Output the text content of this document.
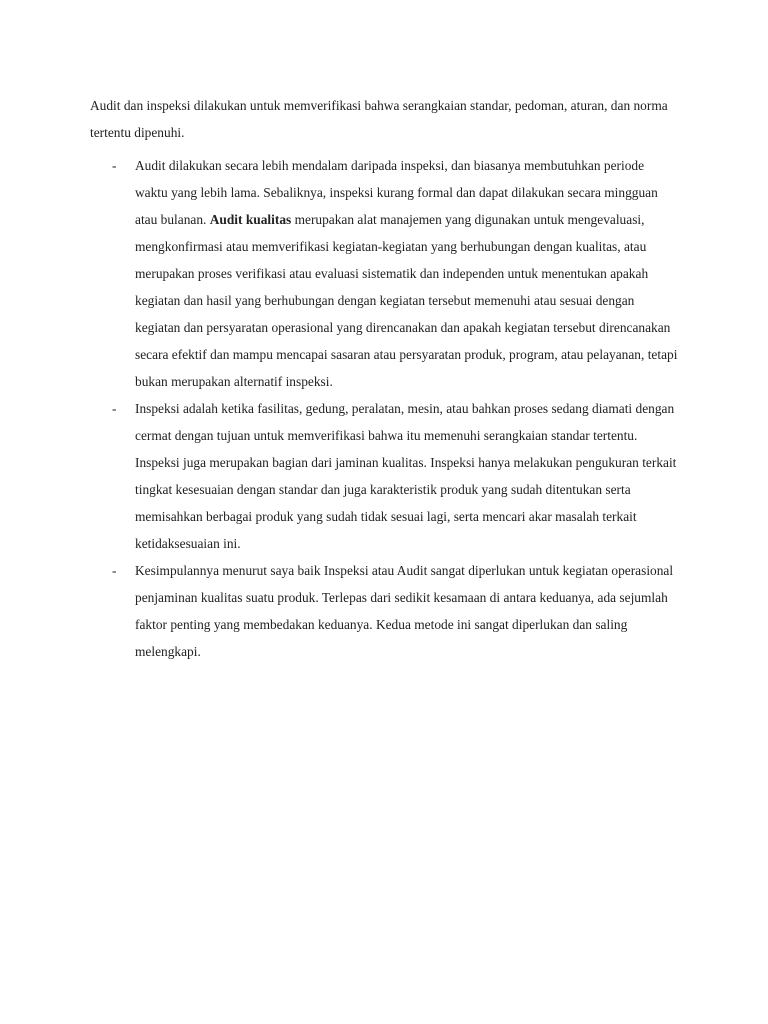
Audit dan inspeksi dilakukan untuk memverifikasi bahwa serangkaian standar, pedoman, aturan, dan norma tertentu dipenuhi.

- Audit dilakukan secara lebih mendalam daripada inspeksi, dan biasanya membutuhkan periode waktu yang lebih lama. Sebaliknya, inspeksi kurang formal dan dapat dilakukan secara mingguan atau bulanan. Audit kualitas merupakan alat manajemen yang digunakan untuk mengevaluasi, mengkonfirmasi atau memverifikasi kegiatan-kegiatan yang berhubungan dengan kualitas, atau merupakan proses verifikasi atau evaluasi sistematik dan independen untuk menentukan apakah kegiatan dan hasil yang berhubungan dengan kegiatan tersebut memenuhi atau sesuai dengan kegiatan dan persyaratan operasional yang direncanakan dan apakah kegiatan tersebut direncanakan secara efektif dan mampu mencapai sasaran atau persyaratan produk, program, atau pelayanan, tetapi bukan merupakan alternatif inspeksi.
- Inspeksi adalah ketika fasilitas, gedung, peralatan, mesin, atau bahkan proses sedang diamati dengan cermat dengan tujuan untuk memverifikasi bahwa itu memenuhi serangkaian standar tertentu. Inspeksi juga merupakan bagian dari jaminan kualitas. Inspeksi hanya melakukan pengukuran terkait tingkat kesesuaian dengan standar dan juga karakteristik produk yang sudah ditentukan serta memisahkan berbagai produk yang sudah tidak sesuai lagi, serta mencari akar masalah terkait ketidaksesuaian ini.
- Kesimpulannya menurut saya baik Inspeksi atau Audit sangat diperlukan untuk kegiatan operasional penjaminan kualitas suatu produk. Terlepas dari sedikit kesamaan di antara keduanya, ada sejumlah faktor penting yang membedakan keduanya. Kedua metode ini sangat diperlukan dan saling melengkapi.
